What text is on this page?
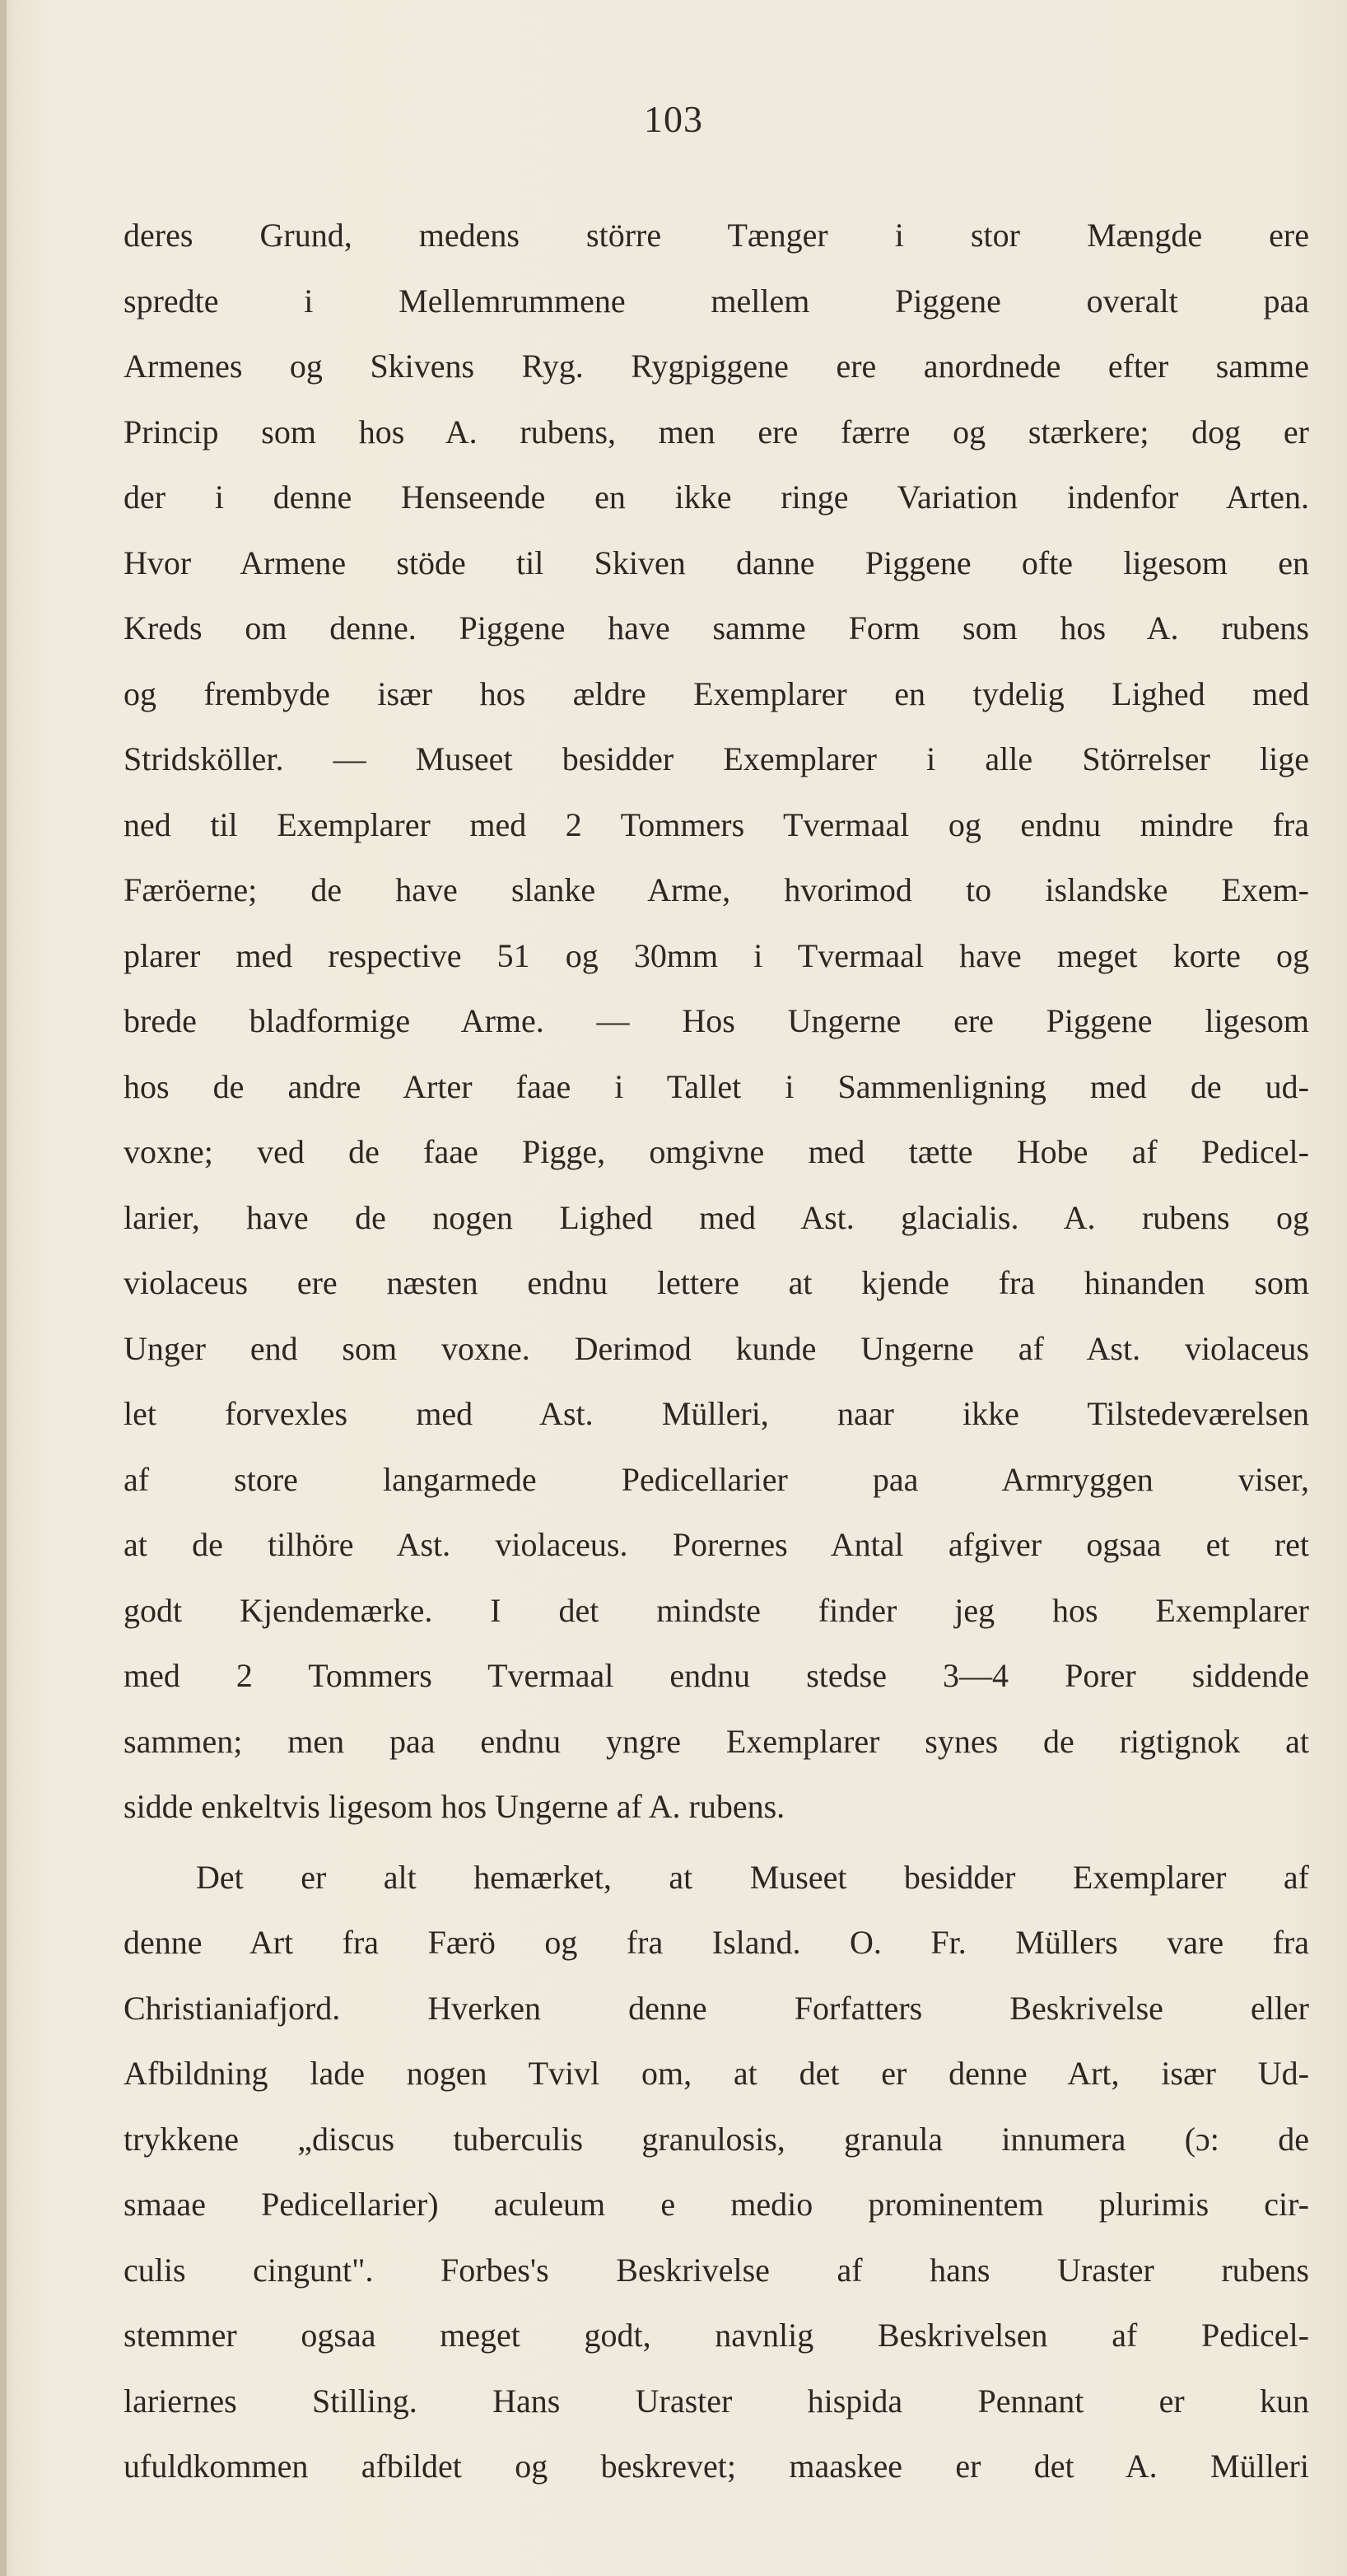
103
deres Grund, medens större Tænger i stor Mængde ere
spredte i Mellemrummene mellem Piggene overalt paa
Armenes og Skivens Ryg. Rygpiggene ere anordnede efter samme
Princip som hos A. rubens, men ere færre og stærkere; dog er
der i denne Henseende en ikke ringe Variation indenfor Arten.
Hvor Armene stöde til Skiven danne Piggene ofte ligesom en
Kreds om denne. Piggene have samme Form som hos A. rubens
og frembyde især hos ældre Exemplarer en tydelig Lighed med
Stridsköller. — Museet besidder Exemplarer i alle Störrelser lige
ned til Exemplarer med 2 Tommers Tvermaal og endnu mindre fra
Færöerne; de have slanke Arme, hvorimod to islandske Exem-
plarer med respective 51 og 30mm i Tvermaal have meget korte og
brede bladformige Arme. — Hos Ungerne ere Piggene ligesom
hos de andre Arter faae i Tallet i Sammenligning med de ud-
voxne; ved de faae Pigge, omgivne med tætte Hobe af Pedicel-
larier, have de nogen Lighed med Ast. glacialis. A. rubens og
violaceus ere næsten endnu lettere at kjende fra hinanden som
Unger end som voxne. Derimod kunde Ungerne af Ast. violaceus
let forvexles med Ast. Mülleri, naar ikke Tilstedeværelsen
af store langarmede Pedicellarier paa Armryggen viser,
at de tilhöre Ast. violaceus. Porernes Antal afgiver ogsaa et ret
godt Kjendemærke. I det mindste finder jeg hos Exemplarer
med 2 Tommers Tvermaal endnu stedse 3—4 Porer siddende
sammen; men paa endnu yngre Exemplarer synes de rigtignok at
sidde enkeltvis ligesom hos Ungerne af A. rubens.
Det er alt hemærket, at Museet besidder Exemplarer af
denne Art fra Færö og fra Island. O. Fr. Müllers vare fra
Christianiafjord. Hverken denne Forfatters Beskrivelse eller
Afbildning lade nogen Tvivl om, at det er denne Art, især Ud-
trykkene „discus tuberculis granulosis, granula innumera (ɔ: de
smaae Pedicellarier) aculeum e medio prominentem plurimis cir-
culis cingunt". Forbes's Beskrivelse af hans Uraster rubens
stemmer ogsaa meget godt, navnlig Beskrivelsen af Pedicel-
lariernes Stilling. Hans Uraster hispida Pennant er kun
ufuldkommen afbildet og beskrevet; maaskee er det A. Mülleri
